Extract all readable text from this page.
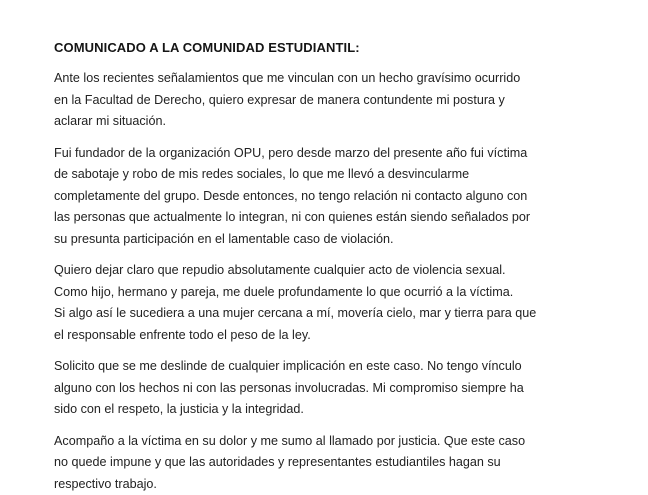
COMUNICADO A LA COMUNIDAD ESTUDIANTIL:

Ante los recientes señalamientos que me vinculan con un hecho gravísimo ocurrido
en la Facultad de Derecho, quiero expresar de manera contundente mi postura y
aclarar mi situación.

Fui fundador de la organización OPU, pero desde marzo del presente año fui víctima
de sabotaje y robo de mis redes sociales, lo que me llevó a desvincularme
completamente del grupo. Desde entonces, no tengo relación ni contacto alguno con
las personas que actualmente lo integran, ni con quienes están siendo señalados por
su presunta participación en el lamentable caso de violación.

Quiero dejar claro que repudio absolutamente cualquier acto de violencia sexual.
Como hijo, hermano y pareja, me duele profundamente lo que ocurrió a la víctima.
Si algo así le sucediera a una mujer cercana a mí, movería cielo, mar y tierra para que
el responsable enfrente todo el peso de la ley.

Solicito que se me deslinde de cualquier implicación en este caso. No tengo vínculo
alguno con los hechos ni con las personas involucradas. Mi compromiso siempre ha
sido con el respeto, la justicia y la integridad.

Acompaño a la víctima en su dolor y me sumo al llamado por justicia. Que este caso
no quede impune y que las autoridades y representantes estudiantiles hagan su
respectivo trabajo.
